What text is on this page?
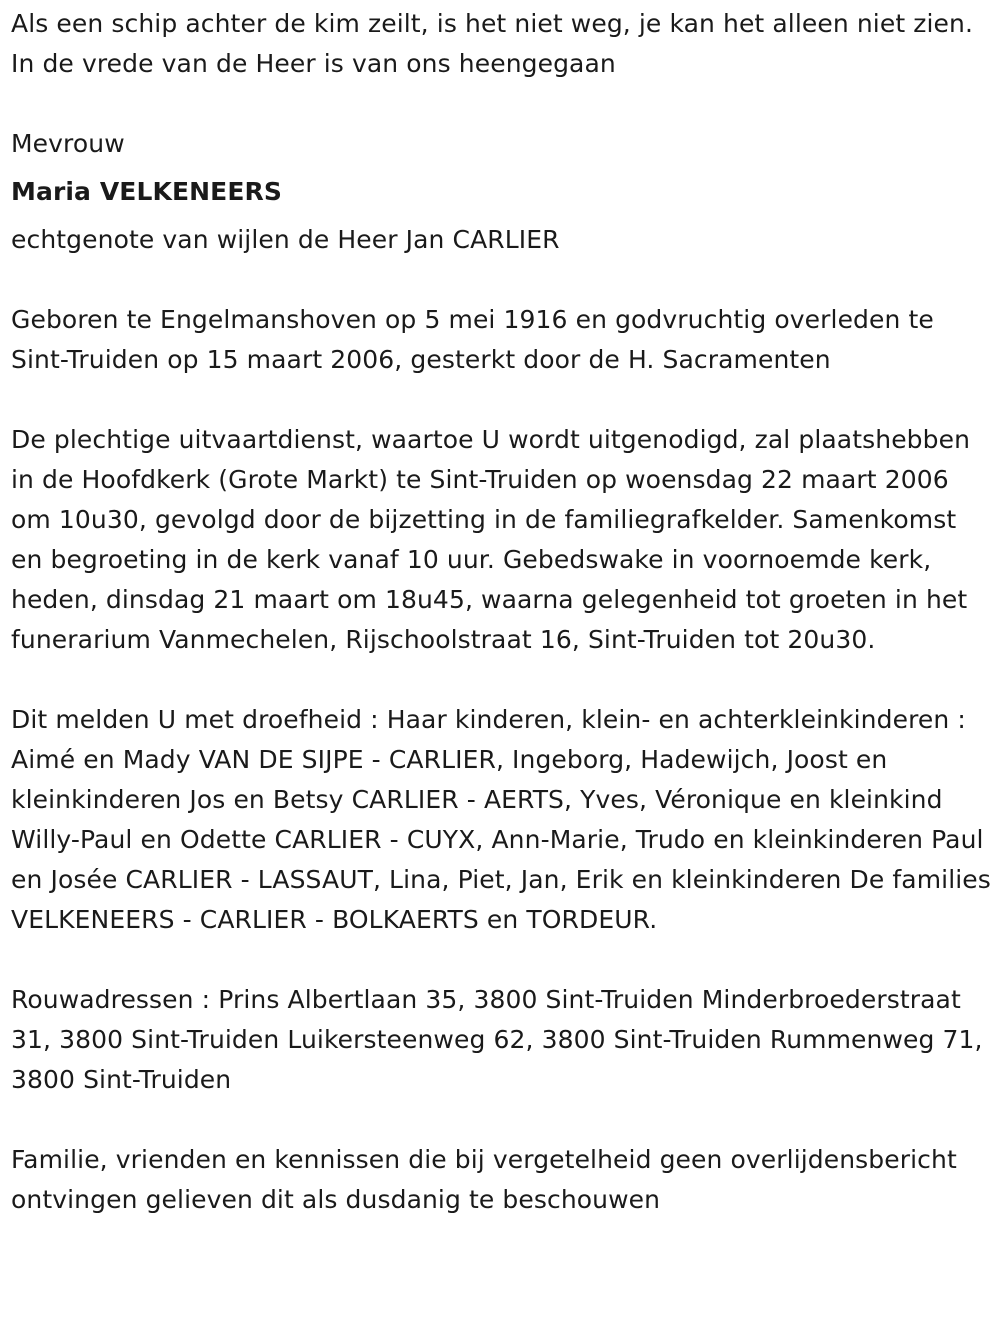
Als een schip achter de kim zeilt, is het niet weg, je kan het alleen niet zien. In de vrede van de Heer is van ons heengegaan

Mevrouw

Maria VELKENEERS

echtgenote van wijlen de Heer Jan CARLIER

Geboren te Engelmanshoven op 5 mei 1916 en godvruchtig overleden te Sint-Truiden op 15 maart 2006, gesterkt door de H. Sacramenten

De plechtige uitvaartdienst, waartoe U wordt uitgenodigd, zal plaatshebben in de Hoofdkerk (Grote Markt) te Sint-Truiden op woensdag 22 maart 2006 om 10u30, gevolgd door de bijzetting in de familiegrafkelder. Samenkomst en begroeting in de kerk vanaf 10 uur. Gebedswake in voornoemde kerk, heden, dinsdag 21 maart om 18u45, waarna gelegenheid tot groeten in het funerarium Vanmechelen, Rijschoolstraat 16, Sint-Truiden tot 20u30.

Dit melden U met droefheid : Haar kinderen, klein- en achterkleinkinderen : Aimé en Mady VAN DE SIJPE - CARLIER, Ingeborg, Hadewijch, Joost en kleinkinderen Jos en Betsy CARLIER - AERTS, Yves, Véronique en kleinkind Willy-Paul en Odette CARLIER - CUYX, Ann-Marie, Trudo en kleinkinderen Paul en Josée CARLIER - LASSAUT, Lina, Piet, Jan, Erik en kleinkinderen De families VELKENEERS - CARLIER - BOLKAERTS en TORDEUR.

Rouwadressen : Prins Albertlaan 35, 3800 Sint-Truiden Minderbroederstraat 31, 3800 Sint-Truiden Luikersteenweg 62, 3800 Sint-Truiden Rummenweg 71, 3800 Sint-Truiden

Familie, vrienden en kennissen die bij vergetelheid geen overlijdensbericht ontvingen gelieven dit als dusdanig te beschouwen
